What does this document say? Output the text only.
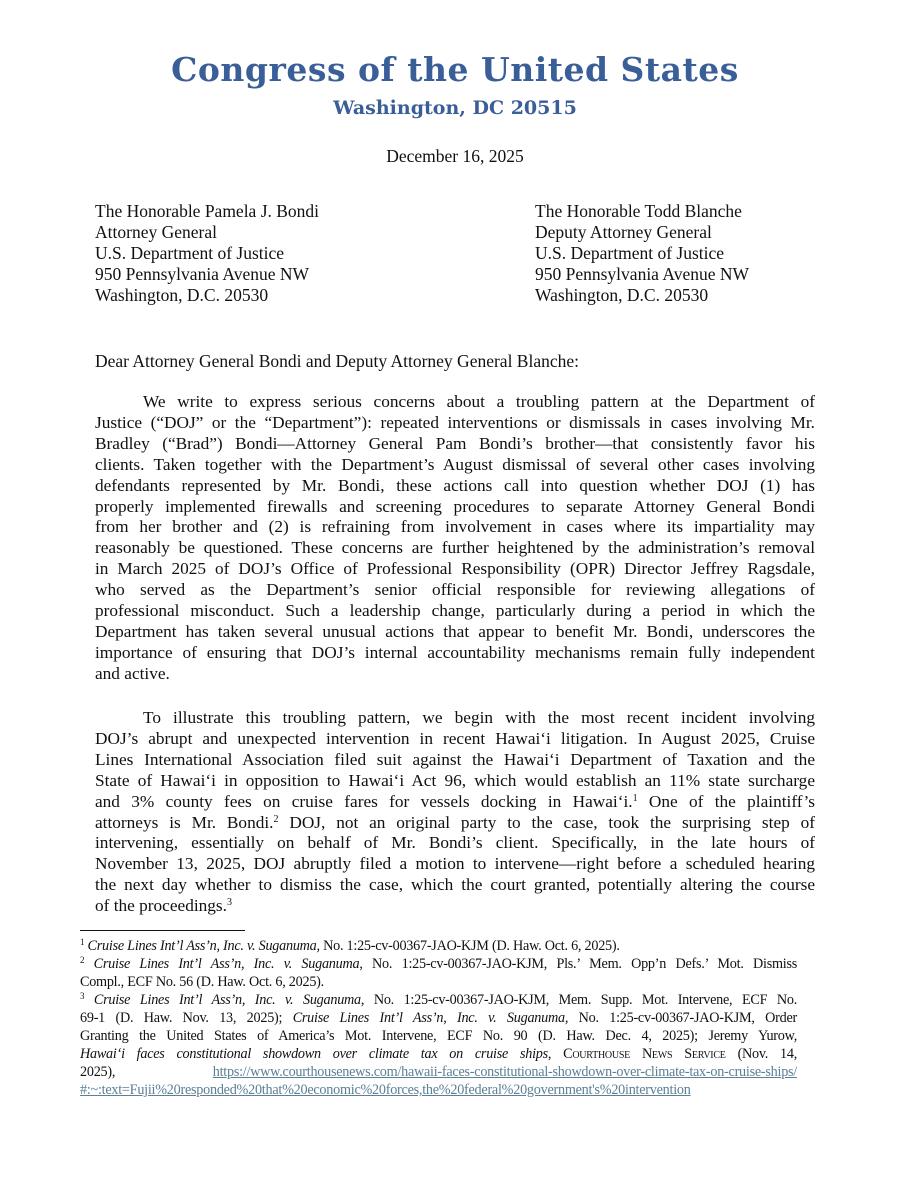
Congress of the United States
Washington, DC 20515
December 16, 2025
The Honorable Pamela J. Bondi
Attorney General
U.S. Department of Justice
950 Pennsylvania Avenue NW
Washington, D.C. 20530
The Honorable Todd Blanche
Deputy Attorney General
U.S. Department of Justice
950 Pennsylvania Avenue NW
Washington, D.C. 20530
Dear Attorney General Bondi and Deputy Attorney General Blanche:
We write to express serious concerns about a troubling pattern at the Department of
Justice (“DOJ” or the “Department”): repeated interventions or dismissals in cases involving Mr.
Bradley (“Brad”) Bondi—Attorney General Pam Bondi’s brother—that consistently favor his
clients. Taken together with the Department’s August dismissal of several other cases involving
defendants represented by Mr. Bondi, these actions call into question whether DOJ (1) has
properly implemented firewalls and screening procedures to separate Attorney General Bondi
from her brother and (2) is refraining from involvement in cases where its impartiality may
reasonably be questioned. These concerns are further heightened by the administration’s removal
in March 2025 of DOJ’s Office of Professional Responsibility (OPR) Director Jeffrey Ragsdale,
who served as the Department’s senior official responsible for reviewing allegations of
professional misconduct. Such a leadership change, particularly during a period in which the
Department has taken several unusual actions that appear to benefit Mr. Bondi, underscores the
importance of ensuring that DOJ’s internal accountability mechanisms remain fully independent
and active.
To illustrate this troubling pattern, we begin with the most recent incident involving
DOJ’s abrupt and unexpected intervention in recent Hawai‘i litigation. In August 2025, Cruise
Lines International Association filed suit against the Hawai‘i Department of Taxation and the
State of Hawai‘i in opposition to Hawai‘i Act 96, which would establish an 11% state surcharge
and 3% county fees on cruise fares for vessels docking in Hawai‘i.$^1$ One of the plaintiff’s
attorneys is Mr. Bondi.$^2$ DOJ, not an original party to the case, took the surprising step of
intervening, essentially on behalf of Mr. Bondi’s client. Specifically, in the late hours of
November 13, 2025, DOJ abruptly filed a motion to intervene—right before a scheduled hearing
the next day whether to dismiss the case, which the court granted, potentially altering the course
of the proceedings.$^3$
$^1$ Cruise Lines Int’l Ass’n, Inc. v. Suganuma, No. 1:25-cv-00367-JAO-KJM (D. Haw. Oct. 6, 2025).
$^2$ Cruise Lines Int’l Ass’n, Inc. v. Suganuma, No. 1:25-cv-00367-JAO-KJM, Pls.’ Mem. Opp’n Defs.’ Mot. Dismiss
Compl., ECF No. 56 (D. Haw. Oct. 6, 2025).
$^3$ Cruise Lines Int’l Ass’n, Inc. v. Suganuma, No. 1:25-cv-00367-JAO-KJM, Mem. Supp. Mot. Intervene, ECF No.
69-1 (D. Haw. Nov. 13, 2025); Cruise Lines Int’l Ass’n, Inc. v. Suganuma, No. 1:25-cv-00367-JAO-KJM, Order
Granting the United States of America’s Mot. Intervene, ECF No. 90 (D. Haw. Dec. 4, 2025); Jeremy Yurow,
Hawai‘i faces constitutional showdown over climate tax on cruise ships, Courthouse News Service (Nov. 14,
2025), https://www.courthousenews.com/hawaii-faces-constitutional-showdown-over-climate-tax-on-cruise-ships/
#:~:text=Fujii%20responded%20that%20economic%20forces,the%20federal%20government's%20intervention
